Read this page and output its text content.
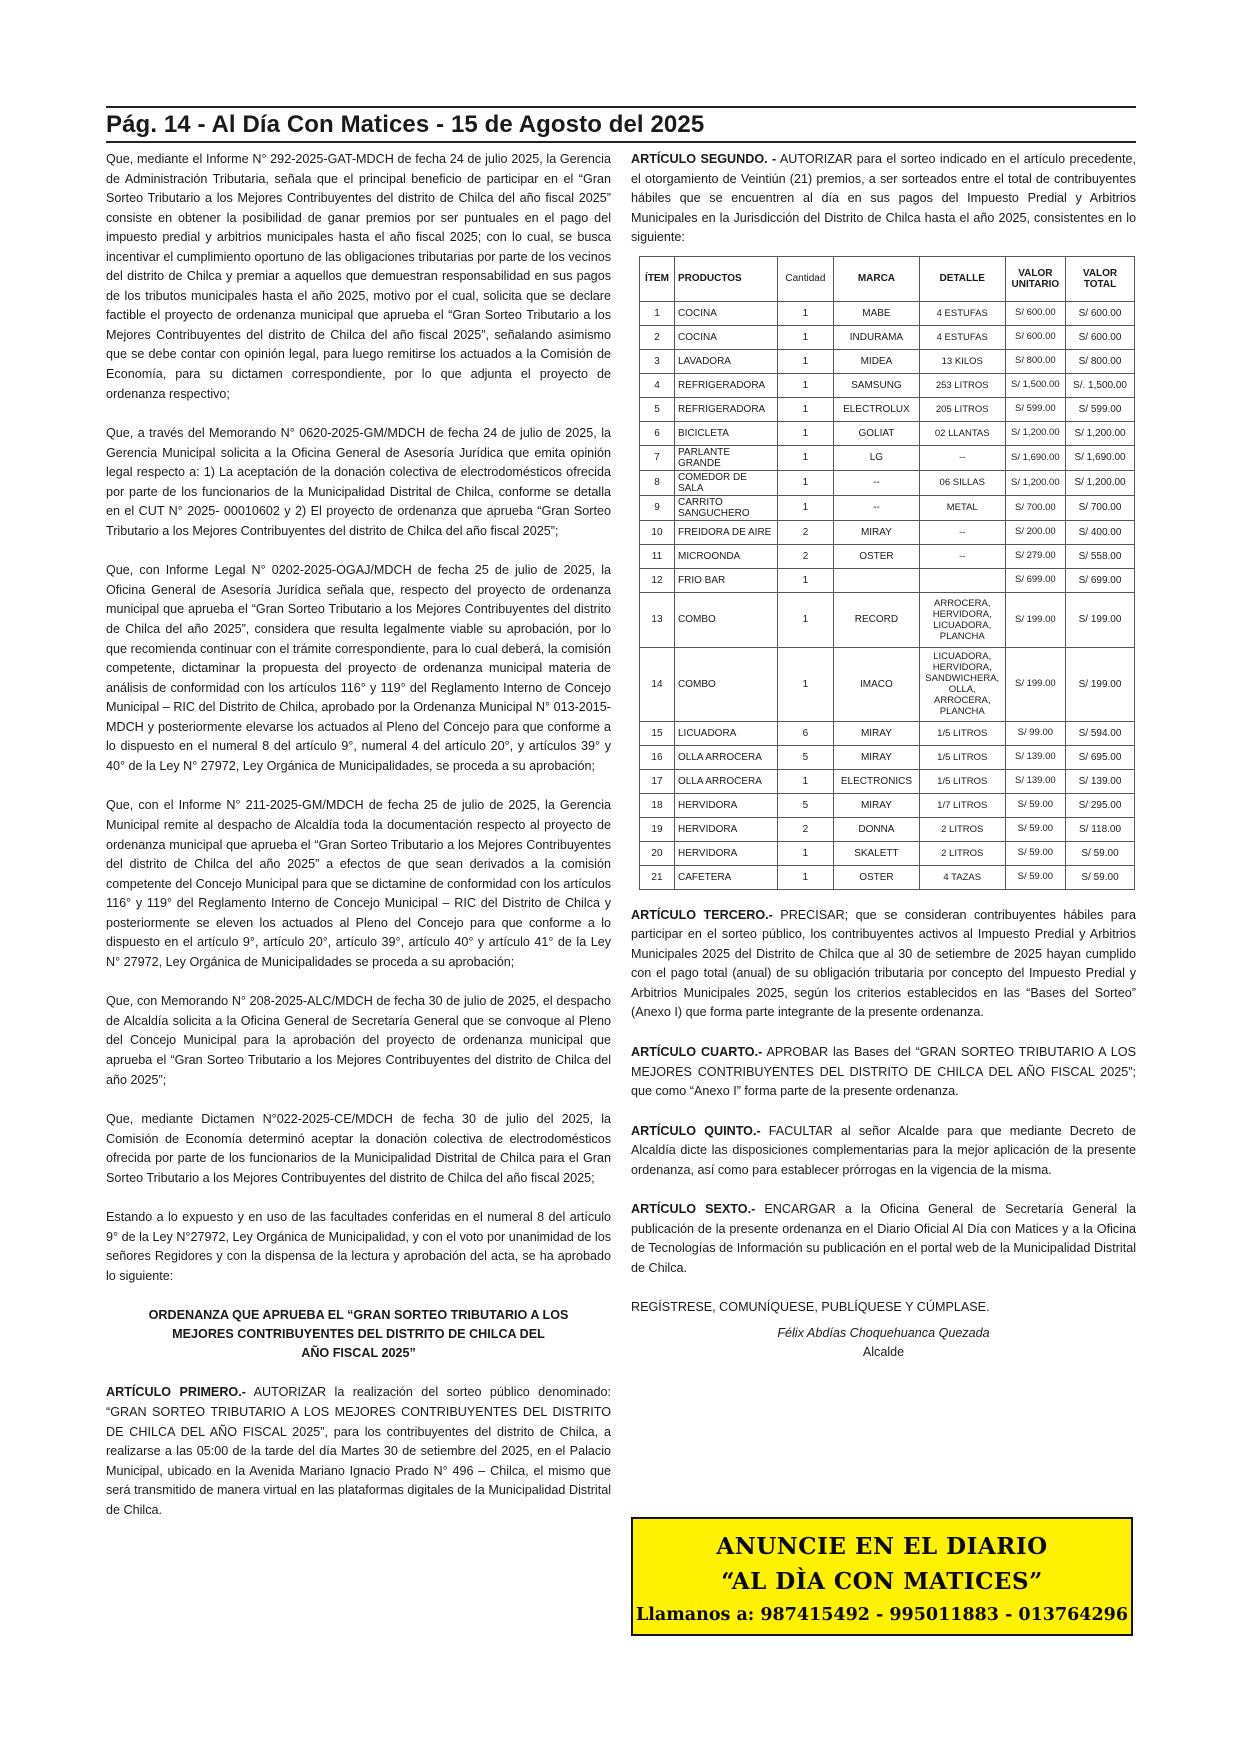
Pág. 14 - Al Día Con Matices - 15 de Agosto del 2025

Que, mediante el Informe N° 292-2025-GAT-MDCH de fecha 24 de julio 2025, la Gerencia de Administración Tributaria, señala que el principal beneficio de participar en el “Gran Sorteo Tributario a los Mejores Contribuyentes del distrito de Chilca del año fiscal 2025” consiste en obtener la posibilidad de ganar premios por ser puntuales en el pago del impuesto predial y arbitrios municipales hasta el año fiscal 2025; con lo cual, se busca incentivar el cumplimiento oportuno de las obligaciones tributarias por parte de los vecinos del distrito de Chilca y premiar a aquellos que demuestran responsabilidad en sus pagos de los tributos municipales hasta el año 2025, motivo por el cual, solicita que se declare factible el proyecto de ordenanza municipal que aprueba el “Gran Sorteo Tributario a los Mejores Contribuyentes del distrito de Chilca del año fiscal 2025”, señalando asimismo que se debe contar con opinión legal, para luego remitirse los actuados a la Comisión de Economía, para su dictamen correspondiente, por lo que adjunta el proyecto de ordenanza respectivo;

Que, a través del Memorando N° 0620-2025-GM/MDCH de fecha 24 de julio de 2025, la Gerencia Municipal solicita a la Oficina General de Asesoría Jurídica que emita opinión legal respecto a: 1) La aceptación de la donación colectiva de electrodomésticos ofrecida por parte de los funcionarios de la Municipalidad Distrital de Chilca, conforme se detalla en el CUT N° 2025- 00010602 y 2) El proyecto de ordenanza que aprueba “Gran Sorteo Tributario a los Mejores Contribuyentes del distrito de Chilca del año fiscal 2025”;

Que, con Informe Legal N° 0202-2025-OGAJ/MDCH de fecha 25 de julio de 2025, la Oficina General de Asesoría Jurídica señala que, respecto del proyecto de ordenanza municipal que aprueba el “Gran Sorteo Tributario a los Mejores Contribuyentes del distrito de Chilca del año 2025”, considera que resulta legalmente viable su aprobación, por lo que recomienda continuar con el trámite correspondiente, para lo cual deberá, la comisión competente, dictaminar la propuesta del proyecto de ordenanza municipal materia de análisis de conformidad con los artículos 116° y 119° del Reglamento Interno de Concejo Municipal – RIC del Distrito de Chilca, aprobado por la Ordenanza Municipal N° 013-2015-MDCH y posteriormente elevarse los actuados al Pleno del Concejo para que conforme a lo dispuesto en el numeral 8 del artículo 9°, numeral 4 del artículo 20°, y artículos 39° y 40° de la Ley N° 27972, Ley Orgánica de Municipalidades, se proceda a su aprobación;

Que, con el Informe N° 211-2025-GM/MDCH de fecha 25 de julio de 2025, la Gerencia Municipal remite al despacho de Alcaldía toda la documentación respecto al proyecto de ordenanza municipal que aprueba el “Gran Sorteo Tributario a los Mejores Contribuyentes del distrito de Chilca del año 2025” a efectos de que sean derivados a la comisión competente del Concejo Municipal para que se dictamine de conformidad con los artículos 116° y 119° del Reglamento Interno de Concejo Municipal – RIC del Distrito de Chilca y posteriormente se eleven los actuados al Pleno del Concejo para que conforme a lo dispuesto en el artículo 9°, artículo 20°, artículo 39°, artículo 40° y artículo 41° de la Ley N° 27972, Ley Orgánica de Municipalidades se proceda a su aprobación;

Que, con Memorando N° 208-2025-ALC/MDCH de fecha 30 de julio de 2025, el despacho de Alcaldía solicita a la Oficina General de Secretaría General que se convoque al Pleno del Concejo Municipal para la aprobación del proyecto de ordenanza municipal que aprueba el “Gran Sorteo Tributario a los Mejores Contribuyentes del distrito de Chilca del año 2025”;

Que, mediante Dictamen N°022-2025-CE/MDCH de fecha 30 de julio del 2025, la Comisión de Economía determinó aceptar la donación colectiva de electrodomésticos ofrecida por parte de los funcionarios de la Municipalidad Distrital de Chilca para el Gran Sorteo Tributario a los Mejores Contribuyentes del distrito de Chilca del año fiscal 2025;

Estando a lo expuesto y en uso de las facultades conferidas en el numeral 8 del artículo 9° de la Ley N°27972, Ley Orgánica de Municipalidad, y con el voto por unanimidad de los señores Regidores y con la dispensa de la lectura y aprobación del acta, se ha aprobado lo siguiente:

ORDENANZA QUE APRUEBA EL “GRAN SORTEO TRIBUTARIO A LOS
MEJORES CONTRIBUYENTES DEL DISTRITO DE CHILCA DEL
AÑO FISCAL 2025”

ARTÍCULO PRIMERO.- AUTORIZAR la realización del sorteo público denominado: “GRAN SORTEO TRIBUTARIO A LOS MEJORES CONTRIBUYENTES DEL DISTRITO DE CHILCA DEL AÑO FISCAL 2025”, para los contribuyentes del distrito de Chilca, a realizarse a las 05:00 de la tarde del día Martes 30 de setiembre del 2025, en el Palacio Municipal, ubicado en la Avenida Mariano Ignacio Prado N° 496 – Chilca, el mismo que será transmitido de manera virtual en las plataformas digitales de la Municipalidad Distrital de Chilca.

ARTÍCULO SEGUNDO. - AUTORIZAR para el sorteo indicado en el artículo precedente, el otorgamiento de Veintiún (21) premios, a ser sorteados entre el total de contribuyentes hábiles que se encuentren al día en sus pagos del Impuesto Predial y Arbitrios Municipales en la Jurisdicción del Distrito de Chilca hasta el año 2025, consistentes en lo siguiente:

ÍTEM	PRODUCTOS	Cantidad	MARCA	DETALLE	VALOR UNITARIO	VALOR TOTAL
1	COCINA	1	MABE	4 ESTUFAS	S/ 600.00	S/ 600.00
2	COCINA	1	INDURAMA	4 ESTUFAS	S/ 600.00	S/ 600.00
3	LAVADORA	1	MIDEA	13 KILOS	S/ 800.00	S/ 800.00
4	REFRIGERADORA	1	SAMSUNG	253 LITROS	S/ 1,500.00	S/. 1,500.00
5	REFRIGERADORA	1	ELECTROLUX	205 LITROS	S/ 599.00	S/ 599.00
6	BICICLETA	1	GOLIAT	02 LLANTAS	S/ 1,200.00	S/ 1,200.00
7	PARLANTE GRANDE	1	LG	--	S/ 1,690.00	S/ 1,690.00
8	COMEDOR DE SALA	1	--	06 SILLAS	S/ 1,200.00	S/ 1,200.00
9	CARRITO SANGUCHERO	1	--	METAL	S/ 700.00	S/ 700.00
10	FREIDORA DE AIRE	2	MIRAY	--	S/ 200.00	S/ 400.00
11	MICROONDA	2	OSTER	--	S/ 279.00	S/ 558.00
12	FRIO BAR	1			S/ 699.00	S/ 699.00
13	COMBO	1	RECORD	ARROCERA, HERVIDORA, LICUADORA, PLANCHA	S/ 199.00	S/ 199.00
14	COMBO	1	IMACO	LICUADORA, HERVIDORA, SANDWICHERA, OLLA, ARROCERA, PLANCHA	S/ 199.00	S/ 199.00
15	LICUADORA	6	MIRAY	1/5 LITROS	S/ 99.00	S/ 594.00
16	OLLA ARROCERA	5	MIRAY	1/5 LITROS	S/ 139.00	S/ 695.00
17	OLLA ARROCERA	1	ELECTRONICS	1/5 LITROS	S/ 139.00	S/ 139.00
18	HERVIDORA	5	MIRAY	1/7 LITROS	S/ 59.00	S/ 295.00
19	HERVIDORA	2	DONNA	2 LITROS	S/ 59.00	S/ 118.00
20	HERVIDORA	1	SKALETT	2 LITROS	S/ 59.00	S/ 59.00
21	CAFETERA	1	OSTER	4 TAZAS	S/ 59.00	S/ 59.00

ARTÍCULO TERCERO.- PRECISAR; que se consideran contribuyentes hábiles para participar en el sorteo público, los contribuyentes activos al Impuesto Predial y Arbitrios Municipales 2025 del Distrito de Chilca que al 30 de setiembre de 2025 hayan cumplido con el pago total (anual) de su obligación tributaria por concepto del Impuesto Predial y Arbitrios Municipales 2025, según los criterios establecidos en las “Bases del Sorteo” (Anexo I) que forma parte integrante de la presente ordenanza.

ARTÍCULO CUARTO.- APROBAR las Bases del “GRAN SORTEO TRIBUTARIO A LOS MEJORES CONTRIBUYENTES DEL DISTRITO DE CHILCA DEL AÑO FISCAL 2025”; que como “Anexo I” forma parte de la presente ordenanza.

ARTÍCULO QUINTO.- FACULTAR al señor Alcalde para que mediante Decreto de Alcaldía dicte las disposiciones complementarias para la mejor aplicación de la presente ordenanza, así como para establecer prórrogas en la vigencia de la misma.

ARTÍCULO SEXTO.- ENCARGAR a la Oficina General de Secretaría General la publicación de la presente ordenanza en el Diario Oficial Al Día con Matices y a la Oficina de Tecnologías de Información su publicación en el portal web de la Municipalidad Distrital de Chilca.

REGÍSTRESE, COMUNÍQUESE, PUBLÍQUESE Y CÚMPLASE.

Félix Abdías Choquehuanca Quezada
Alcalde
ANUNCIE EN EL DIARIO
“AL DÌA CON MATICES”
Llamanos a: 987415492 - 995011883 - 013764296
